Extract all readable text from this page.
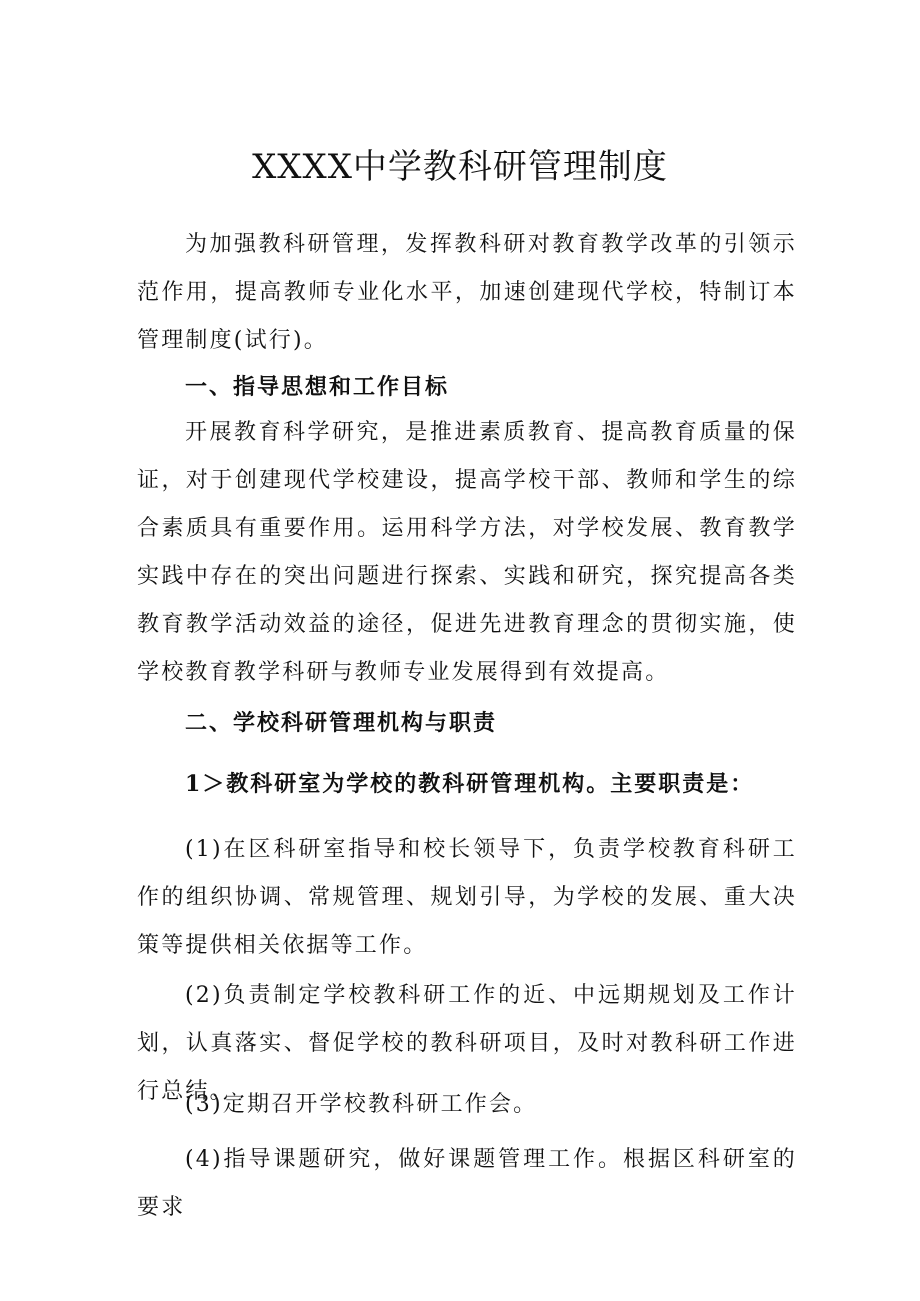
XXXX中学教科研管理制度

为加强教科研管理，发挥教科研对教育教学改革的引领示范作用，提高教师专业化水平，加速创建现代学校，特制订本管理制度(试行)。

一、指导思想和工作目标

开展教育科学研究，是推进素质教育、提高教育质量的保证，对于创建现代学校建设，提高学校干部、教师和学生的综合素质具有重要作用。运用科学方法，对学校发展、教育教学实践中存在的突出问题进行探索、实践和研究，探究提高各类教育教学活动效益的途径，促进先进教育理念的贯彻实施，使学校教育教学科研与教师专业发展得到有效提高。

二、学校科研管理机构与职责
1＞教科研室为学校的教科研管理机构。主要职责是：

(1)在区科研室指导和校长领导下，负责学校教育科研工作的组织协调、常规管理、规划引导，为学校的发展、重大决策等提供相关依据等工作。

(2)负责制定学校教科研工作的近、中远期规划及工作计划，认真落实、督促学校的教科研项目，及时对教科研工作进行总结。

(3)定期召开学校教科研工作会。

(4)指导课题研究，做好课题管理工作。根据区科研室的要求
